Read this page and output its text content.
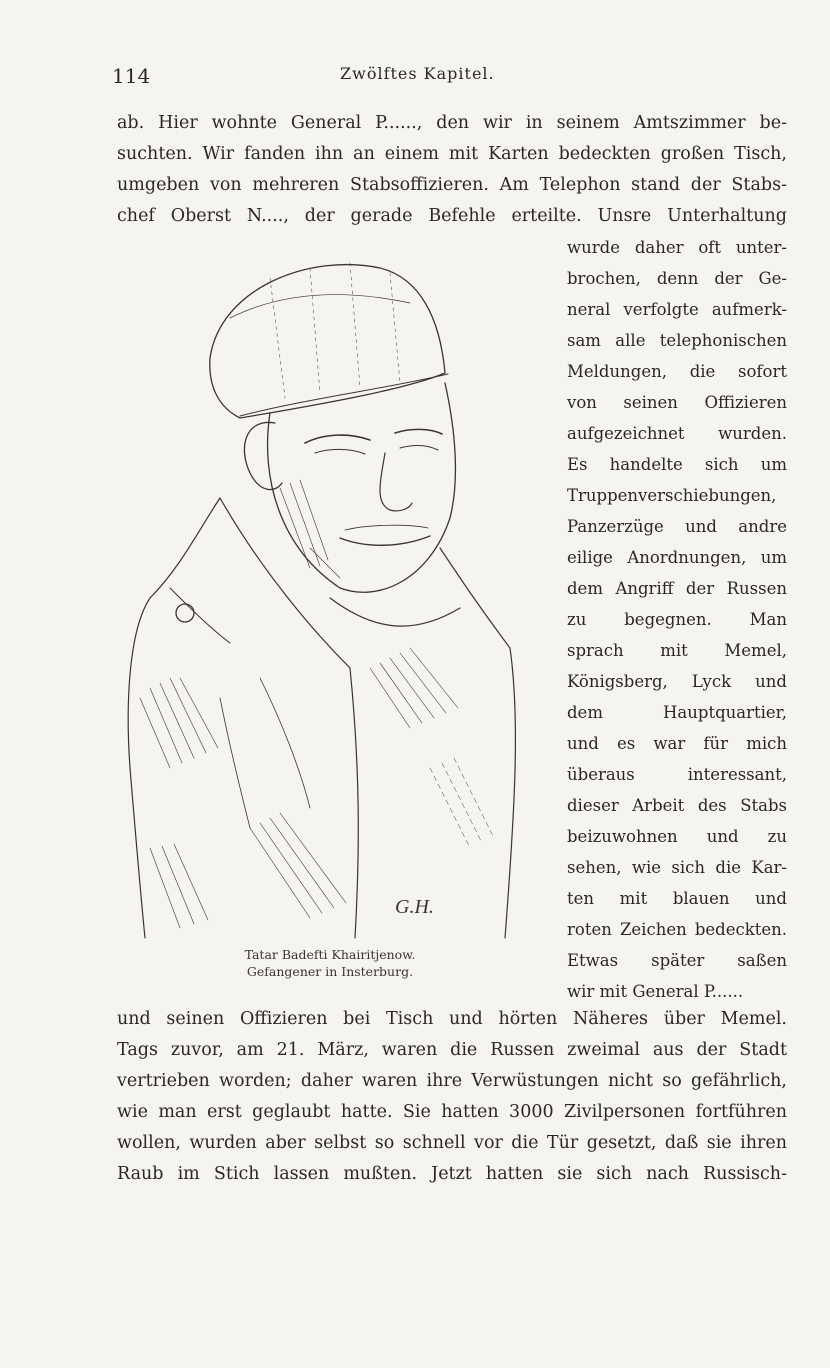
114	Zwölftes Kapitel.
ab. Hier wohnte General P......, den wir in seinem Amtszimmer be-
suchten. Wir fanden ihn an einem mit Karten bedeckten großen Tisch,
umgeben von mehreren Stabsoffizieren. Am Telephon stand der Stabs-
chef Oberst N...., der gerade Befehle erteilte. Unsre Unterhaltung
wurde daher oft unter-
brochen, denn der Ge-
neral verfolgte aufmerk-
sam alle telephonischen
Meldungen, die sofort
von seinen Offizieren
aufgezeichnet wurden.
Es handelte sich um
Truppenverschiebungen,
Panzerzüge und andre
eilige Anordnungen, um
dem Angriff der Russen
zu begegnen. Man
sprach mit Memel,
Königsberg, Lyck und
dem Hauptquartier,
und es war für mich
überaus interessant,
dieser Arbeit des Stabs
beizuwohnen und zu
sehen, wie sich die Kar-
ten mit blauen und
roten Zeichen bedeckten.
Etwas später saßen
wir mit General P......
G.H.
Tatar Badefti Khairitjenow.
Gefangener in Insterburg.
und seinen Offizieren bei Tisch und hörten Näheres über Memel.
Tags zuvor, am 21. März, waren die Russen zweimal aus der Stadt
vertrieben worden; daher waren ihre Verwüstungen nicht so gefährlich,
wie man erst geglaubt hatte. Sie hatten 3000 Zivilpersonen fortführen
wollen, wurden aber selbst so schnell vor die Tür gesetzt, daß sie ihren
Raub im Stich lassen mußten. Jetzt hatten sie sich nach Russisch-
